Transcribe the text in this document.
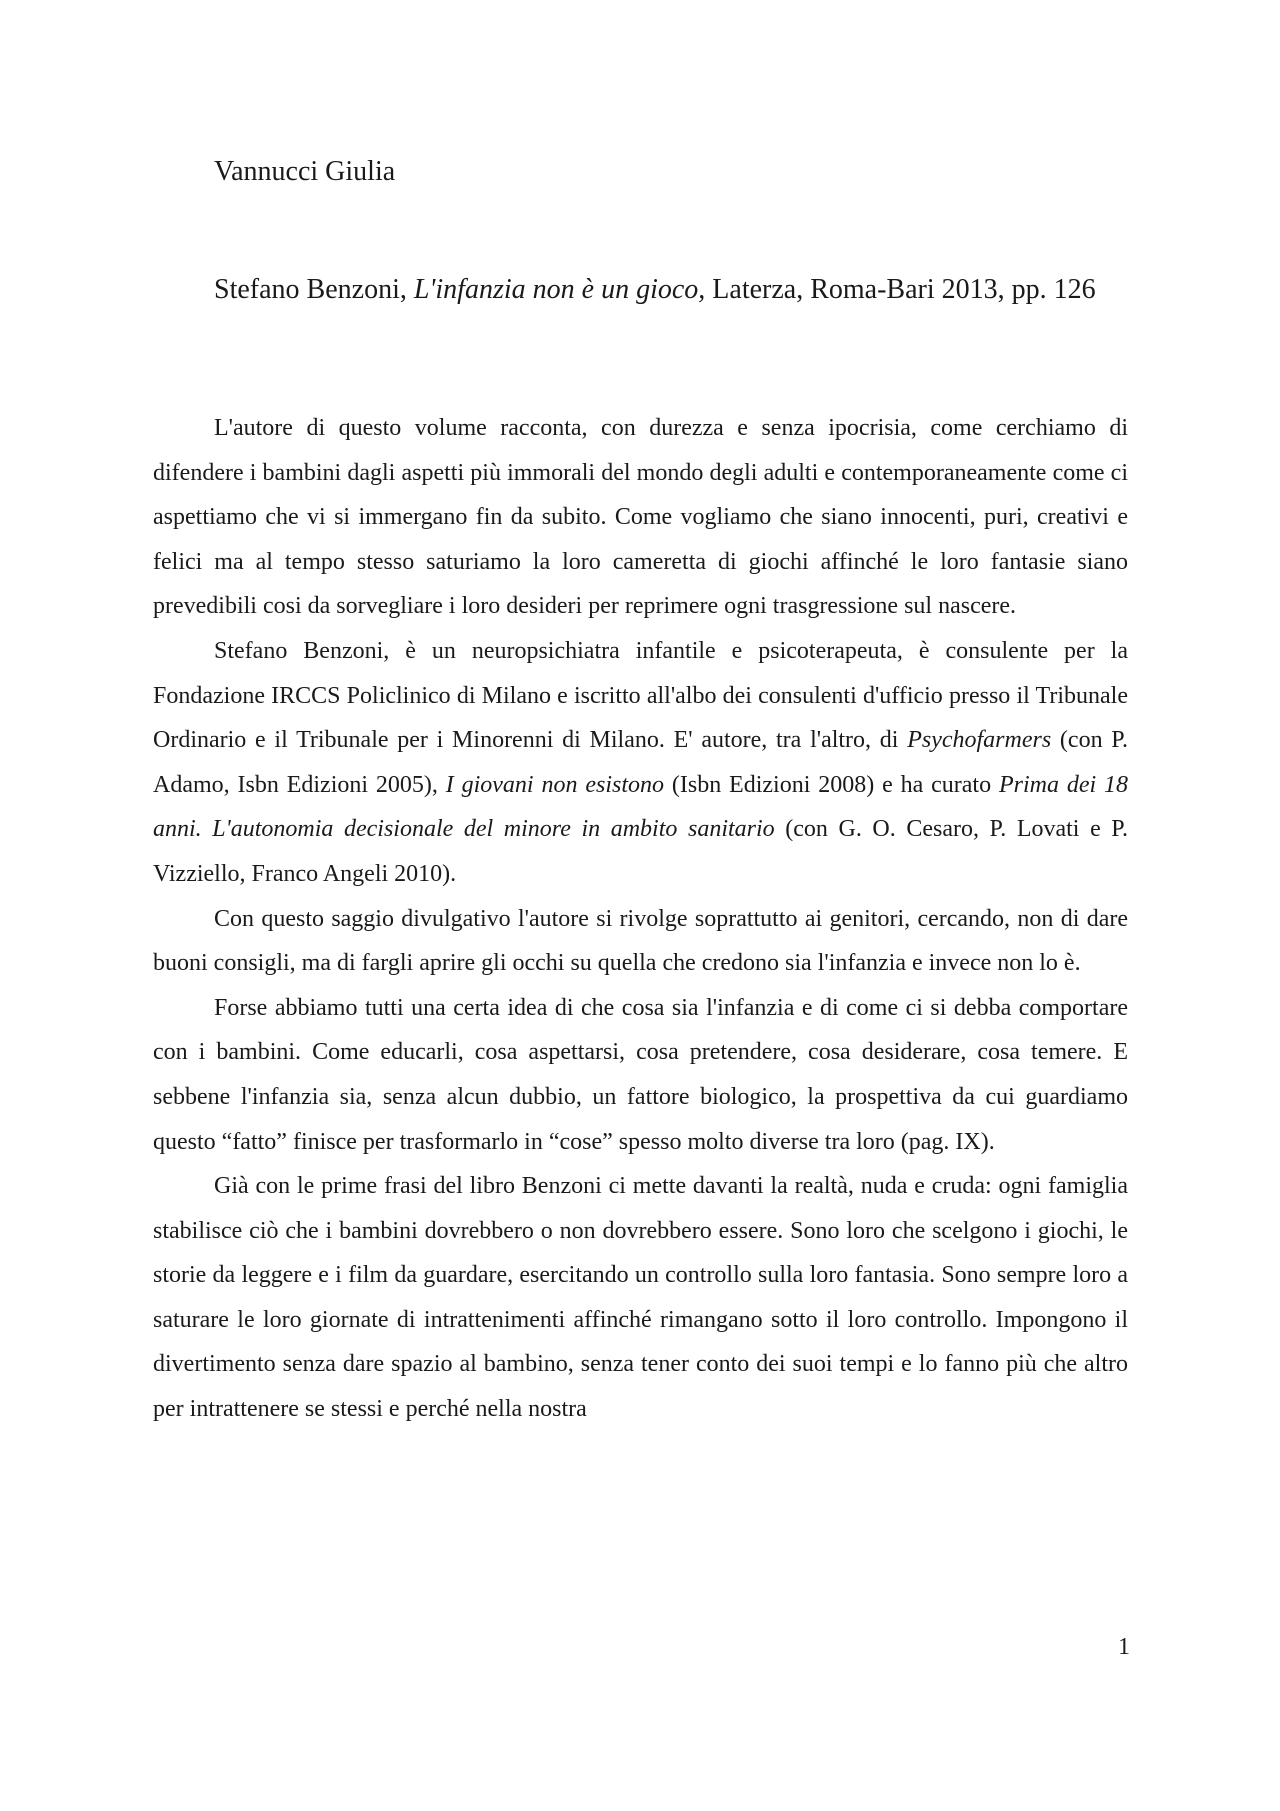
Vannucci Giulia

Stefano Benzoni, L'infanzia non è un gioco, Laterza, Roma-Bari 2013, pp. 126

L'autore di questo volume racconta, con durezza e senza ipocrisia, come cerchiamo di difendere i bambini dagli aspetti più immorali del mondo degli adulti e contemporaneamente come ci aspettiamo che vi si immergano fin da subito. Come vogliamo che siano innocenti, puri, creativi e felici ma al tempo stesso saturiamo la loro cameretta di giochi affinché le loro fantasie siano prevedibili cosi da sorvegliare i loro desideri per reprimere ogni trasgressione sul nascere.

Stefano Benzoni, è un neuropsichiatra infantile e psicoterapeuta, è consulente per la Fondazione IRCCS Policlinico di Milano e iscritto all'albo dei consulenti d'ufficio presso il Tribunale Ordinario e il Tribunale per i Minorenni di Milano. E' autore, tra l'altro, di Psychofarmers (con P. Adamo, Isbn Edizioni 2005), I giovani non esistono (Isbn Edizioni 2008) e ha curato Prima dei 18 anni. L'autonomia decisionale del minore in ambito sanitario (con G. O. Cesaro, P. Lovati e P. Vizziello, Franco Angeli 2010).

Con questo saggio divulgativo l'autore si rivolge soprattutto ai genitori, cercando, non di dare buoni consigli, ma di fargli aprire gli occhi su quella che credono sia l'infanzia e invece non lo è.

Forse abbiamo tutti una certa idea di che cosa sia l'infanzia e di come ci si debba comportare con i bambini. Come educarli, cosa aspettarsi, cosa pretendere, cosa desiderare, cosa temere. E sebbene l'infanzia sia, senza alcun dubbio, un fattore biologico, la prospettiva da cui guardiamo questo “fatto” finisce per trasformarlo in “cose” spesso molto diverse tra loro (pag. IX).

Già con le prime frasi del libro Benzoni ci mette davanti la realtà, nuda e cruda: ogni famiglia stabilisce ciò che i bambini dovrebbero o non dovrebbero essere. Sono loro che scelgono i giochi, le storie da leggere e i film da guardare, esercitando un controllo sulla loro fantasia. Sono sempre loro a saturare le loro giornate di intrattenimenti affinché rimangano sotto il loro controllo. Impongono il divertimento senza dare spazio al bambino, senza tener conto dei suoi tempi e lo fanno più che altro per intrattenere se stessi e perché nella nostra

1
